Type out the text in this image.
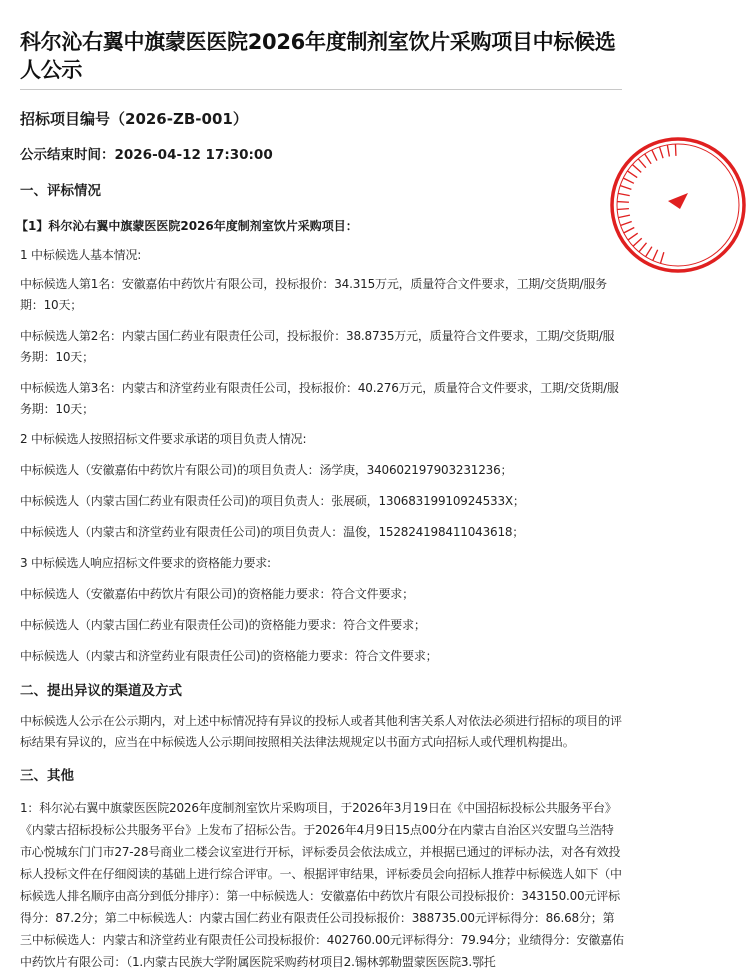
科尔沁右翼中旗蒙医医院2026年度制剂室饮片采购项目中标候选人公示
招标项目编号（2026-ZB-001）
公示结束时间：2026-04-12 17:30:00
一、评标情况
【1】科尔沁右翼中旗蒙医医院2026年度制剂室饮片采购项目：
1 中标候选人基本情况:
中标候选人第1名：安徽嘉佑中药饮片有限公司，投标报价：34.315万元，质量符合文件要求，工期/交货期/服务期：10天；
中标候选人第2名：内蒙古国仁药业有限责任公司，投标报价：38.8735万元，质量符合文件要求，工期/交货期/服务期：10天；
中标候选人第3名：内蒙古和济堂药业有限责任公司，投标报价：40.276万元，质量符合文件要求，工期/交货期/服务期：10天；
2 中标候选人按照招标文件要求承诺的项目负责人情况:
中标候选人（安徽嘉佑中药饮片有限公司)的项目负责人：汤学庚，340602197903231236；
中标候选人（内蒙古国仁药业有限责任公司)的项目负责人：张展硕，13068319910924533X；
中标候选人（内蒙古和济堂药业有限责任公司)的项目负责人：温俊，152824198411043618；
3 中标候选人响应招标文件要求的资格能力要求:
中标候选人（安徽嘉佑中药饮片有限公司)的资格能力要求：符合文件要求；
中标候选人（内蒙古国仁药业有限责任公司)的资格能力要求：符合文件要求；
中标候选人（内蒙古和济堂药业有限责任公司)的资格能力要求：符合文件要求；
二、提出异议的渠道及方式
中标候选人公示在公示期内，对上述中标情况持有异议的投标人或者其他利害关系人对依法必须进行招标的项目的评标结果有异议的，应当在中标候选人公示期间按照相关法律法规规定以书面方式向招标人或代理机构提出。
三、其他
1：科尔沁右翼中旗蒙医医院2026年度制剂室饮片采购项目，于2026年3月19日在《中国招标投标公共服务平台》《内蒙古招标投标公共服务平台》上发布了招标公告。于2026年4月9日15点00分在内蒙古自治区兴安盟乌兰浩特市心悦城东门门市27-28号商业二楼会议室进行开标，评标委员会依法成立，并根据已通过的评标办法，对各有效投标人投标文件在仔细阅读的基础上进行综合评审。一、根据评审结果，评标委员会向招标人推荐中标候选人如下（中标候选人排名顺序由高分到低分排序）：第一中标候选人：安徽嘉佑中药饮片有限公司投标报价：343150.00元评标得分：87.2分；第二中标候选人：内蒙古国仁药业有限责任公司投标报价：388735.00元评标得分：86.68分；第三中标候选人：内蒙古和济堂药业有限责任公司投标报价：402760.00元评标得分：79.94分；业绩得分：安徽嘉佑中药饮片有限公司：（1.内蒙古民族大学附属医院采购药材项目2.锡林郭勒盟蒙医医院3.鄂托
||||||||||||||||||||||
